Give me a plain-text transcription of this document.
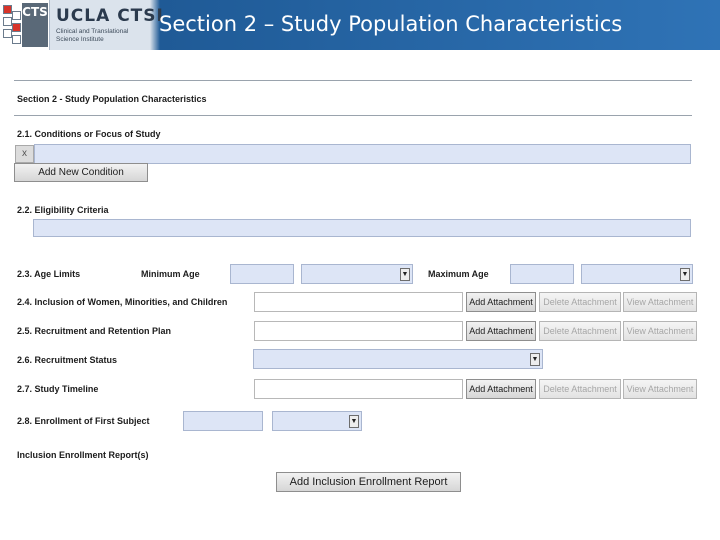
CTS UCLA CTSI
Clinical and Translational Science Institute
Section 2 – Study Population Characteristics
Section 2 - Study Population Characteristics
2.1. Conditions or Focus of Study
x
Add New Condition
2.2. Eligibility Criteria
2.3. Age Limits	Minimum Age	▼ Maximum Age	▼
2.4. Inclusion of Women, Minorities, and Children	Add Attachment	Delete Attachment	View Attachment
2.5. Recruitment and Retention Plan	Add Attachment	Delete Attachment	View Attachment
2.6. Recruitment Status	▼
2.7. Study Timeline	Add Attachment	Delete Attachment	View Attachment
2.8. Enrollment of First Subject	▼
Inclusion Enrollment Report(s)
Add Inclusion Enrollment Report
